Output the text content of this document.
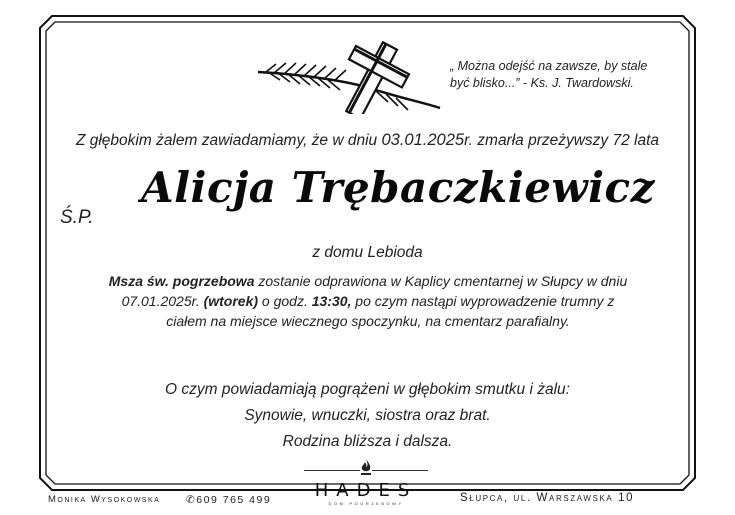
„ Można odejść na zawsze, by stale
być blisko...” - Ks. J. Twardowski.
Z głębokim żalem zawiadamiamy, że w dniu 03.01.2025r. zmarła przeżywszy 72 lata
Ś.P.
Alicja Trębaczkiewicz
z domu Lebioda
Msza św. pogrzebowa zostanie odprawiona w Kaplicy cmentarnej w Słupcy w dniu
07.01.2025r. (wtorek) o godz. 13:30, po czym nastąpi wyprowadzenie trumny z
ciałem na miejsce wiecznego spoczynku, na cmentarz parafialny.
O czym powiadamiają pogrążeni w głębokim smutku i żalu:
Synowie, wnuczki, siostra oraz brat.
Rodzina bliższa i dalsza.
Monika Wysokowska ✆609 765 499	HADES
dom pogrzebowy	Słupca, ul. Warszawska 10
